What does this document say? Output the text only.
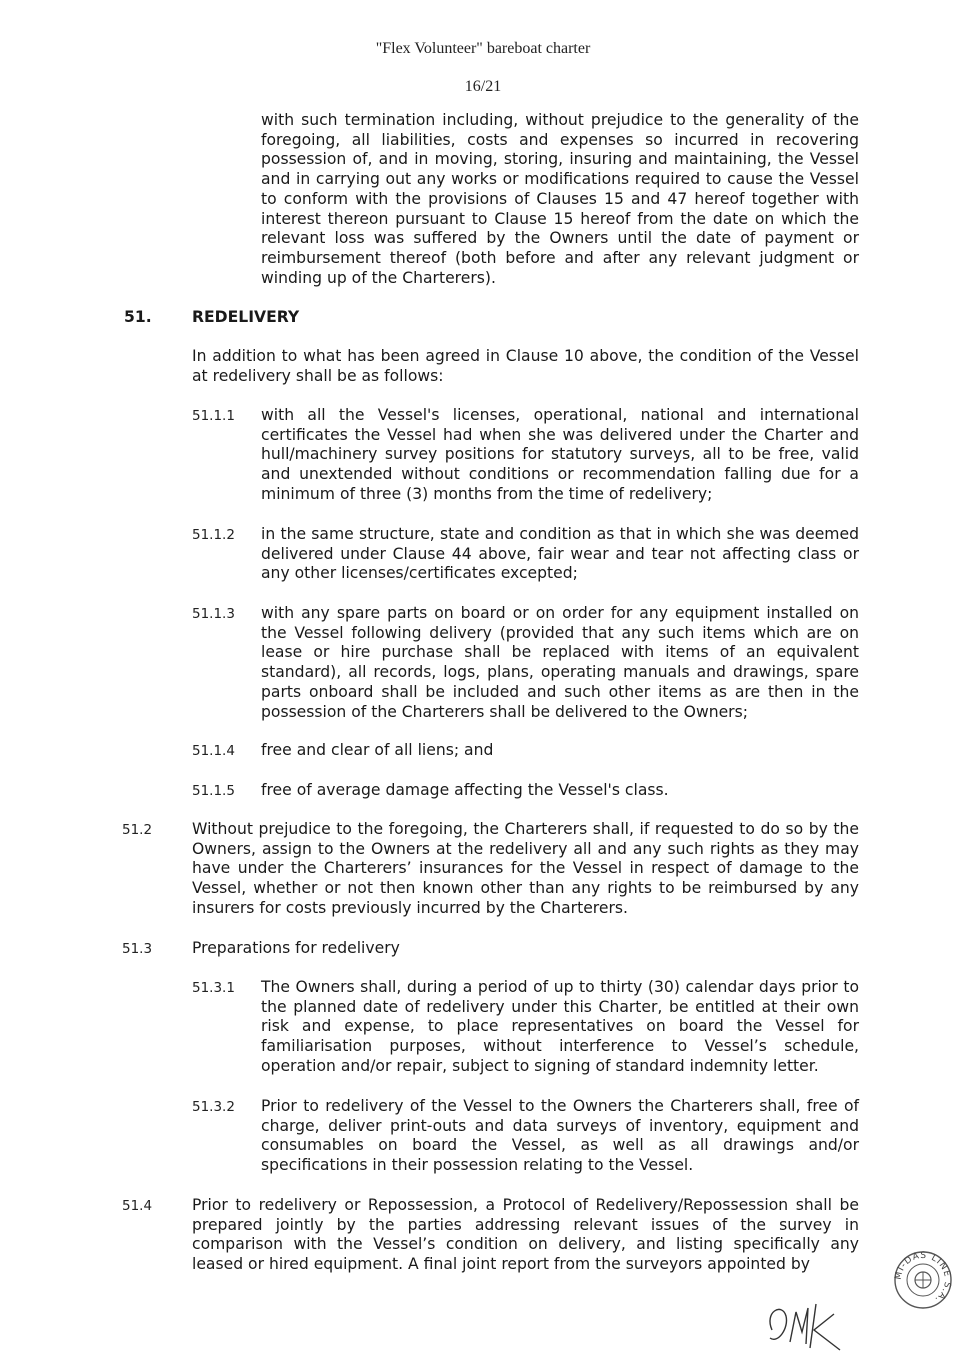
"Flex Volunteer" bareboat charter
16/21
with such termination including, without prejudice to the generality of the foregoing, all liabilities, costs and expenses so incurred in recovering possession of, and in moving, storing, insuring and maintaining, the Vessel and in carrying out any works or modifications required to cause the Vessel to conform with the provisions of Clauses 15 and 47 hereof together with interest thereon pursuant to Clause 15 hereof from the date on which the relevant loss was suffered by the Owners until the date of payment or reimbursement thereof (both before and after any relevant judgment or winding up of the Charterers).
51.	REDELIVERY
In addition to what has been agreed in Clause 10 above, the condition of the Vessel at redelivery shall be as follows:
51.1.1 with all the Vessel's licenses, operational, national and international certificates the Vessel had when she was delivered under the Charter and hull/machinery survey positions for statutory surveys, all to be free, valid and unextended without conditions or recommendation falling due for a minimum of three (3) months from the time of redelivery;
51.1.2 in the same structure, state and condition as that in which she was deemed delivered under Clause 44 above, fair wear and tear not affecting class or any other licenses/certificates excepted;
51.1.3 with any spare parts on board or on order for any equipment installed on the Vessel following delivery (provided that any such items which are on lease or hire purchase shall be replaced with items of an equivalent standard), all records, logs, plans, operating manuals and drawings, spare parts onboard shall be included and such other items as are then in the possession of the Charterers shall be delivered to the Owners;
51.1.4 free and clear of all liens; and
51.1.5 free of average damage affecting the Vessel's class.
51.2	Without prejudice to the foregoing, the Charterers shall, if requested to do so by the Owners, assign to the Owners at the redelivery all and any such rights as they may have under the Charterers’ insurances for the Vessel in respect of damage to the Vessel, whether or not then known other than any rights to be reimbursed by any insurers for costs previously incurred by the Charterers.
51.3	Preparations for redelivery
51.3.1 The Owners shall, during a period of up to thirty (30) calendar days prior to the planned date of redelivery under this Charter, be entitled at their own risk and expense, to place representatives on board the Vessel for familiarisation purposes, without interference to Vessel’s schedule, operation and/or repair, subject to signing of standard indemnity letter.
51.3.2 Prior to redelivery of the Vessel to the Owners the Charterers shall, free of charge, deliver print-outs and data surveys of inventory, equipment and consumables on board the Vessel, as well as all drawings and/or specifications in their possession relating to the Vessel.
51.4	Prior to redelivery or Repossession, a Protocol of Redelivery/Repossession shall be prepared jointly by the parties addressing relevant issues of the survey in comparison with the Vessel’s condition on delivery, and listing specifically any leased or hired equipment. A final joint report from the surveyors appointed by
MI-DAS LINE S.A.
